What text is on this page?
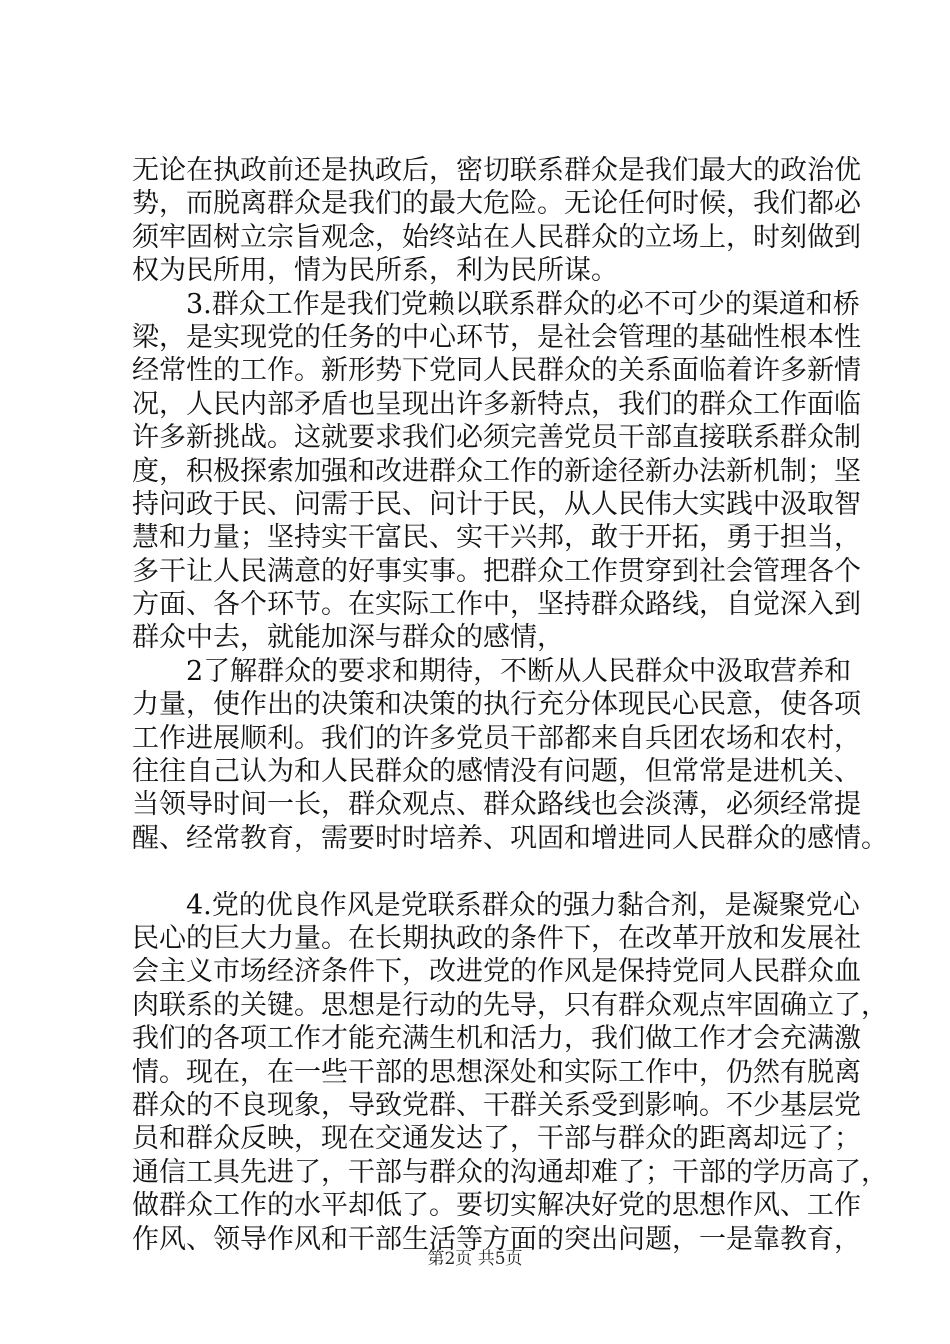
无论在执政前还是执政后，密切联系群众是我们最大的政治优
势，而脱离群众是我们的最大危险。无论任何时候，我们都必
须牢固树立宗旨观念，始终站在人民群众的立场上，时刻做到
权为民所用，情为民所系，利为民所谋。
3.群众工作是我们党赖以联系群众的必不可少的渠道和桥
梁，是实现党的任务的中心环节，是社会管理的基础性根本性
经常性的工作。新形势下党同人民群众的关系面临着许多新情
况，人民内部矛盾也呈现出许多新特点，我们的群众工作面临
许多新挑战。这就要求我们必须完善党员干部直接联系群众制
度，积极探索加强和改进群众工作的新途径新办法新机制；坚
持问政于民、问需于民、问计于民，从人民伟大实践中汲取智
慧和力量；坚持实干富民、实干兴邦，敢于开拓，勇于担当，
多干让人民满意的好事实事。把群众工作贯穿到社会管理各个
方面、各个环节。在实际工作中，坚持群众路线，自觉深入到
群众中去，就能加深与群众的感情，
2了解群众的要求和期待，不断从人民群众中汲取营养和
力量，使作出的决策和决策的执行充分体现民心民意，使各项
工作进展顺利。我们的许多党员干部都来自兵团农场和农村，
往往自己认为和人民群众的感情没有问题，但常常是进机关、
当领导时间一长，群众观点、群众路线也会淡薄，必须经常提
醒、经常教育，需要时时培养、巩固和增进同人民群众的感情。
4.党的优良作风是党联系群众的强力黏合剂，是凝聚党心
民心的巨大力量。在长期执政的条件下，在改革开放和发展社
会主义市场经济条件下，改进党的作风是保持党同人民群众血
肉联系的关键。思想是行动的先导，只有群众观点牢固确立了，
我们的各项工作才能充满生机和活力，我们做工作才会充满激
情。现在，在一些干部的思想深处和实际工作中，仍然有脱离
群众的不良现象，导致党群、干群关系受到影响。不少基层党
员和群众反映，现在交通发达了，干部与群众的距离却远了；
通信工具先进了，干部与群众的沟通却难了；干部的学历高了，
做群众工作的水平却低了。要切实解决好党的思想作风、工作
作风、领导作风和干部生活等方面的突出问题，一是靠教育，
第2页 共5页
